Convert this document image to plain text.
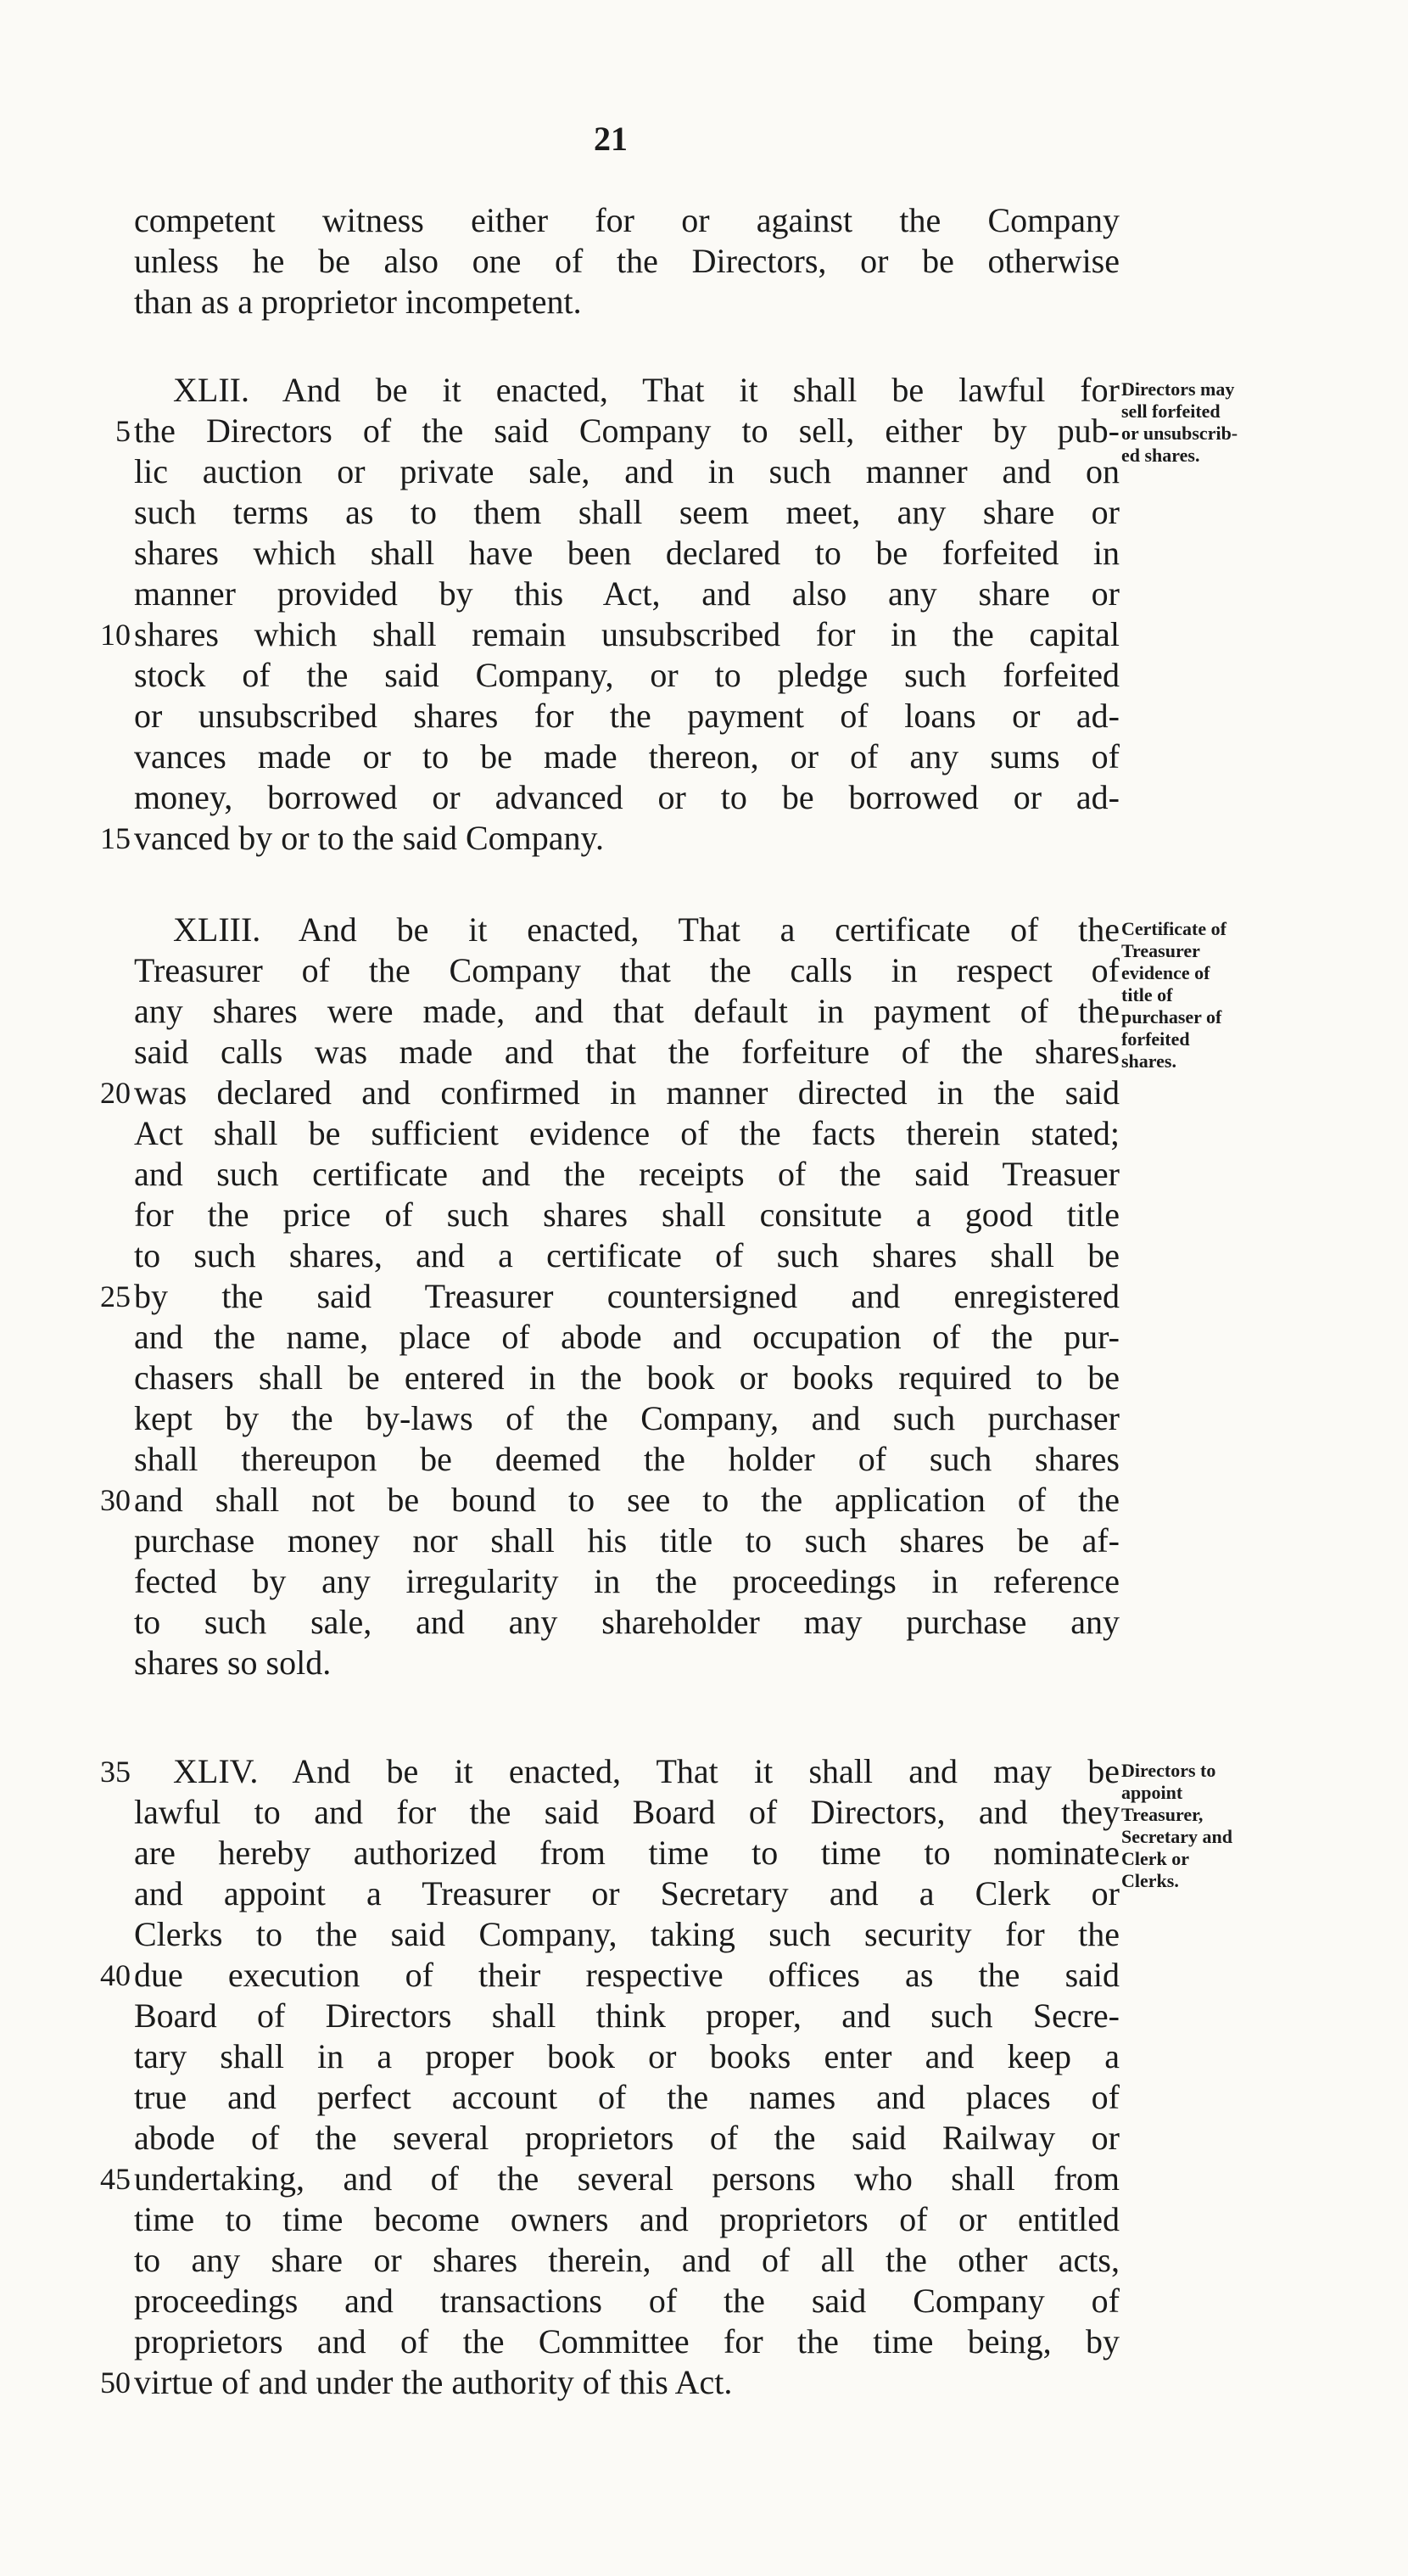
21
competent witness either for or against the Company
unless he be also one of the Directors, or be otherwise
than as a proprietor incompetent.
XLII. And be it enacted, That it shall be lawful for
the Directors of the said Company to sell, either by pub-
lic auction or private sale, and in such manner and on
such terms as to them shall seem meet, any share or
shares which shall have been declared to be forfeited in
manner provided by this Act, and also any share or
shares which shall remain unsubscribed for in the capital
stock of the said Company, or to pledge such forfeited
or unsubscribed shares for the payment of loans or ad-
vances made or to be made thereon, or of any sums of
money, borrowed or advanced or to be borrowed or ad-
vanced by or to the said Company.
XLIII. And be it enacted, That a certificate of the
Treasurer of the Company that the calls in respect of
any shares were made, and that default in payment of the
said calls was made and that the forfeiture of the shares
was declared and confirmed in manner directed in the said
Act shall be sufficient evidence of the facts therein stated;
and such certificate and the receipts of the said Treasuer
for the price of such shares shall consitute a good title
to such shares, and a certificate of such shares shall be
by the said Treasurer countersigned and enregistered
and the name, place of abode and occupation of the pur-
chasers shall be entered in the book or books required to be
kept by the by-laws of the Company, and such purchaser
shall thereupon be deemed the holder of such shares
and shall not be bound to see to the application of the
purchase money nor shall his title to such shares be af-
fected by any irregularity in the proceedings in reference
to such sale, and any shareholder may purchase any
shares so sold.
XLIV. And be it enacted, That it shall and may be
lawful to and for the said Board of Directors, and they
are hereby authorized from time to time to nominate
and appoint a Treasurer or Secretary and a Clerk or
Clerks to the said Company, taking such security for the
due execution of their respective offices as the said
Board of Directors shall think proper, and such Secre-
tary shall in a proper book or books enter and keep a
true and perfect account of the names and places of
abode of the several proprietors of the said Railway or
undertaking, and of the several persons who shall from
time to time become owners and proprietors of or entitled
to any share or shares therein, and of all the other acts,
proceedings and transactions of the said Company of
proprietors and of the Committee for the time being, by
virtue of and under the authority of this Act.
5
10
15
20
25
30
35
40
45
50
Directors may
sell forfeited
or unsubscrib-
ed shares.
Certificate of
Treasurer
evidence of
title of
purchaser of
forfeited
shares.
Directors to
appoint
Treasurer,
Secretary and
Clerk or
Clerks.
